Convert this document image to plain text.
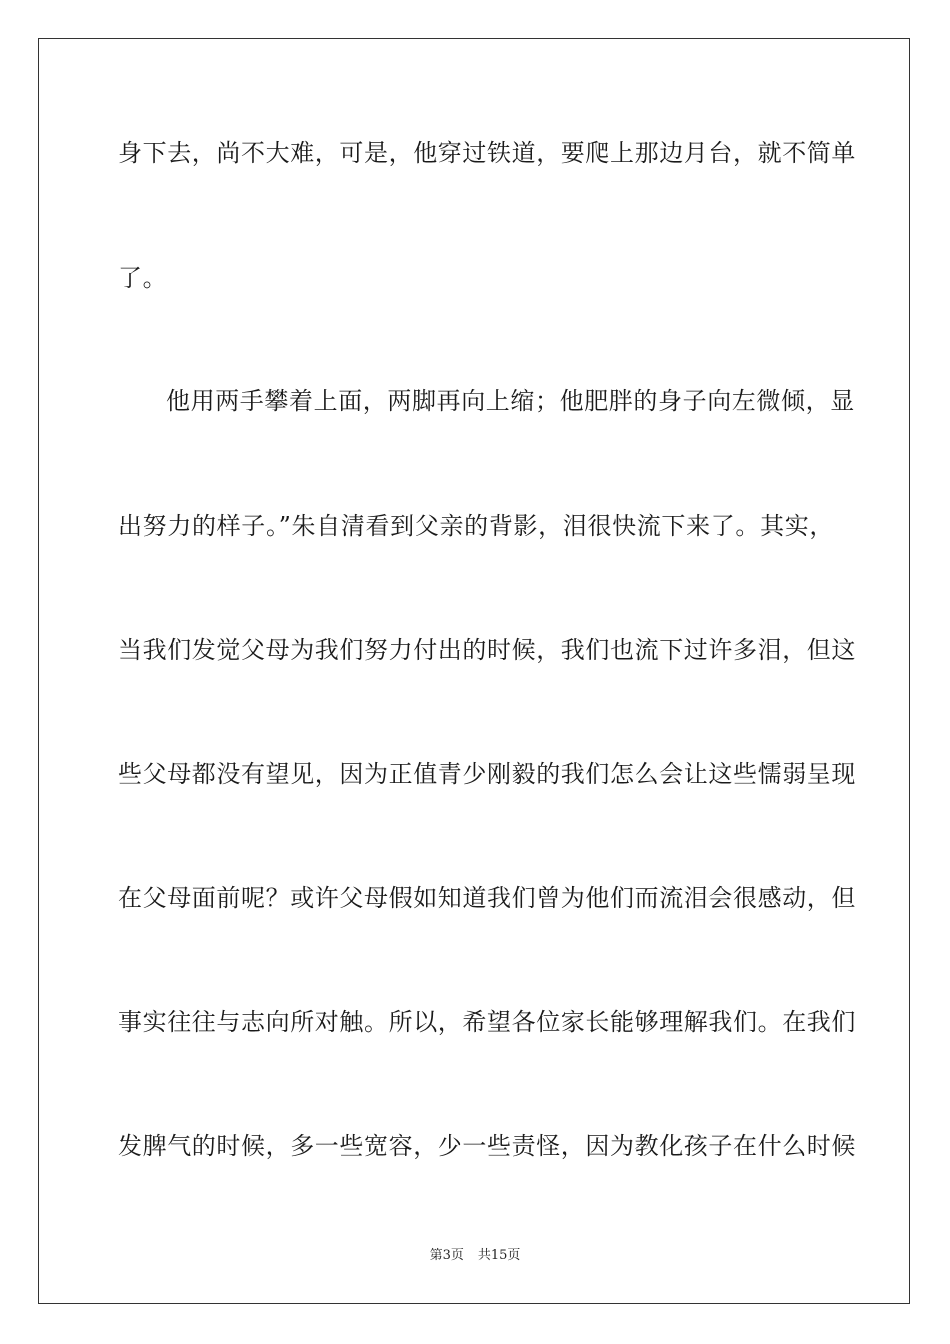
身下去，尚不大难，可是，他穿过铁道，要爬上那边月台，就不简单
了。
他用两手攀着上面，两脚再向上缩；他肥胖的身子向左微倾，显
出努力的样子。”朱自清看到父亲的背影，泪很快流下来了。其实，
当我们发觉父母为我们努力付出的时候，我们也流下过许多泪，但这
些父母都没有望见，因为正值青少刚毅的我们怎么会让这些懦弱呈现
在父母面前呢？或许父母假如知道我们曾为他们而流泪会很感动，但
事实往往与志向所对触。所以，希望各位家长能够理解我们。在我们
发脾气的时候，多一些宽容，少一些责怪，因为教化孩子在什么时候
第3页 共15页
